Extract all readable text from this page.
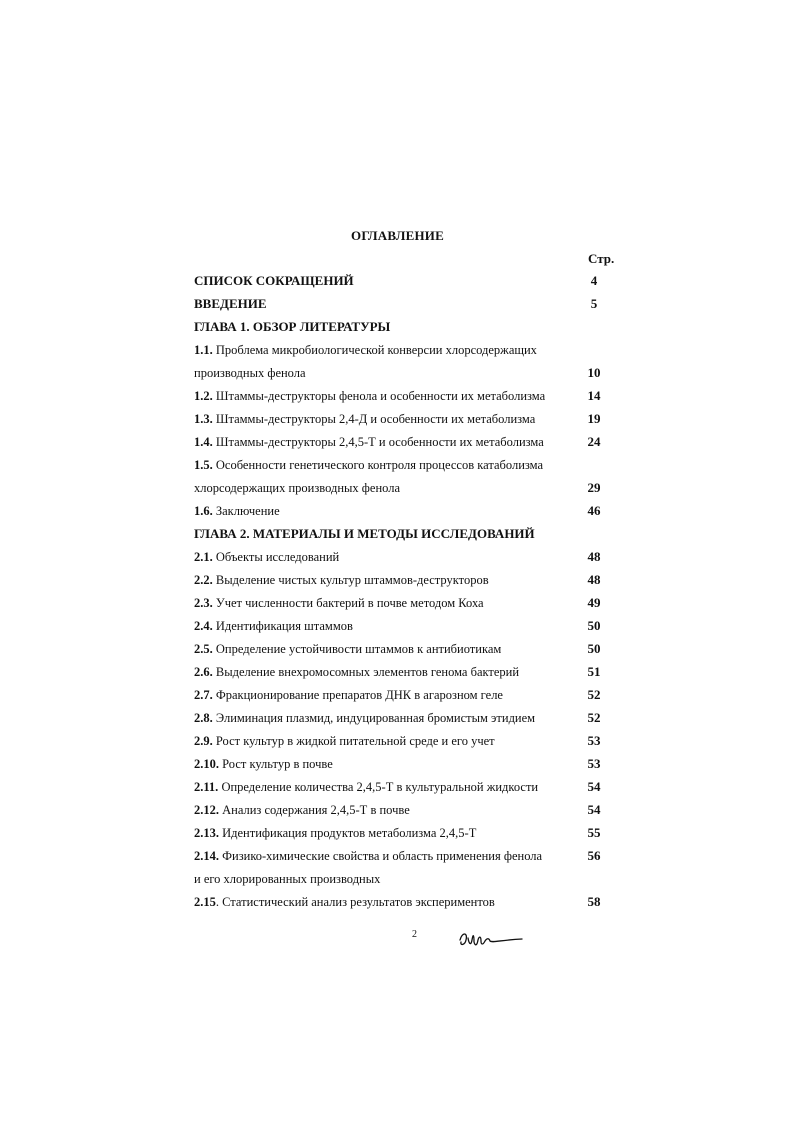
ОГЛАВЛЕНИЕ
Стр.
СПИСОК СОКРАЩЕНИЙ	4
ВВЕДЕНИЕ	5
ГЛАВА 1. ОБЗОР ЛИТЕРАТУРЫ
1.1. Проблема микробиологической конверсии хлорсодержащих
производных фенола	10
1.2. Штаммы-деструкторы фенола и особенности их метаболизма	14
1.3. Штаммы-деструкторы 2,4-Д и особенности их метаболизма	19
1.4. Штаммы-деструкторы 2,4,5-Т и особенности их метаболизма	24
1.5. Особенности генетического контроля процессов катаболизма
хлорсодержащих производных фенола	29
1.6. Заключение	46
ГЛАВА 2. МАТЕРИАЛЫ И МЕТОДЫ ИССЛЕДОВАНИЙ
2.1. Объекты исследований	48
2.2. Выделение чистых культур штаммов-деструкторов	48
2.3. Учет численности бактерий в почве методом Коха	49
2.4. Идентификация штаммов	50
2.5. Определение устойчивости штаммов к антибиотикам	50
2.6. Выделение внехромосомных элементов генома бактерий	51
2.7. Фракционирование препаратов ДНК в агарозном геле	52
2.8. Элиминация плазмид, индуцированная бромистым этидием	52
2.9. Рост культур в жидкой питательной среде и его учет	53
2.10. Рост культур в почве	53
2.11. Определение количества 2,4,5-Т в культуральной жидкости	54
2.12. Анализ содержания 2,4,5-Т в почве	54
2.13. Идентификация продуктов метаболизма 2,4,5-Т	55
2.14. Физико-химические свойства и область применения фенола	56
и его хлорированных производных
2.15. Статистический анализ результатов экспериментов	58
2
